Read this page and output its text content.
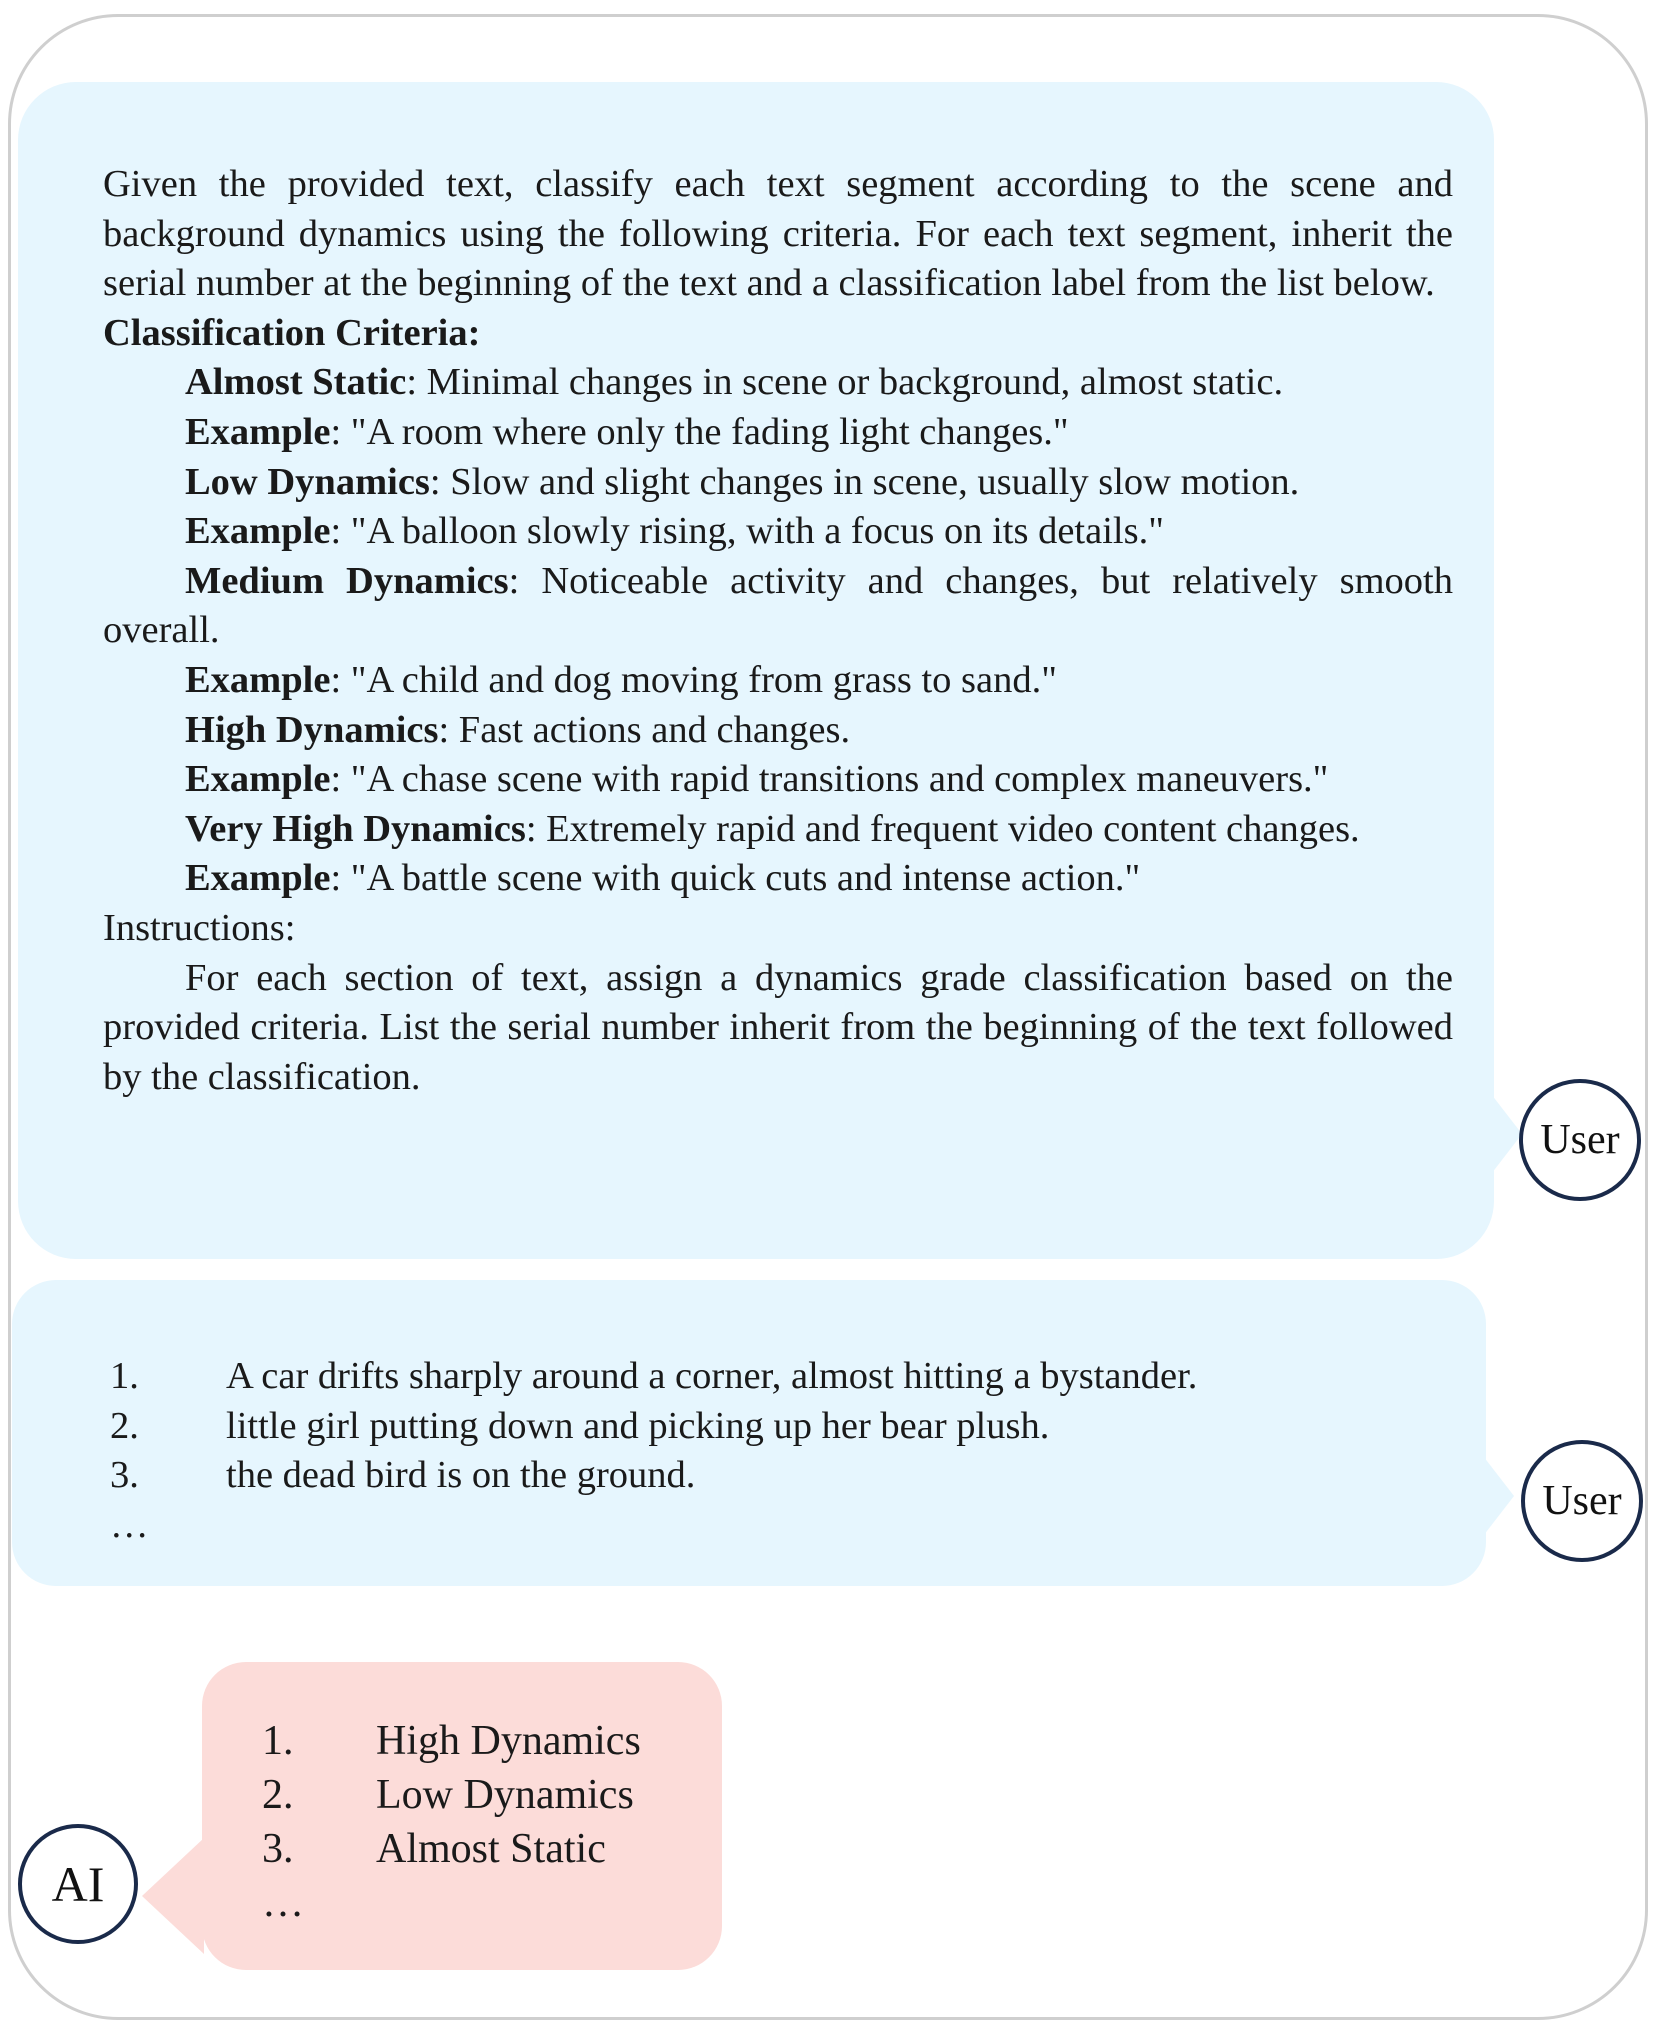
User

Given the provided text, classify each text segment according to the scene and background dynamics using the following criteria. For each text segment, inherit the serial number at the beginning of the text and a classification label from the list below.

Classification Criteria:

Almost Static: Minimal changes in scene or background, almost static.

Example: "A room where only the fading light changes."

Low Dynamics: Slow and slight changes in scene, usually slow motion.

Example: "A balloon slowly rising, with a focus on its details."

Medium Dynamics: Noticeable activity and changes, but relatively smooth overall.

Example: "A child and dog moving from grass to sand."

High Dynamics: Fast actions and changes.

Example: "A chase scene with rapid transitions and complex maneuvers."

Very High Dynamics: Extremely rapid and frequent video content changes.

Example: "A battle scene with quick cuts and intense action."

Instructions:

For each section of text, assign a dynamics grade classification based on the provided criteria. List the serial number inherit from the beginning of the text followed by the classification.

User
1.	A car drifts sharply around a corner, almost hitting a bystander.
2.	little girl putting down and picking up her bear plush.
3.	the dead bird is on the ground.
…
AI
1.	High Dynamics
2.	Low Dynamics
3.	Almost Static
…
